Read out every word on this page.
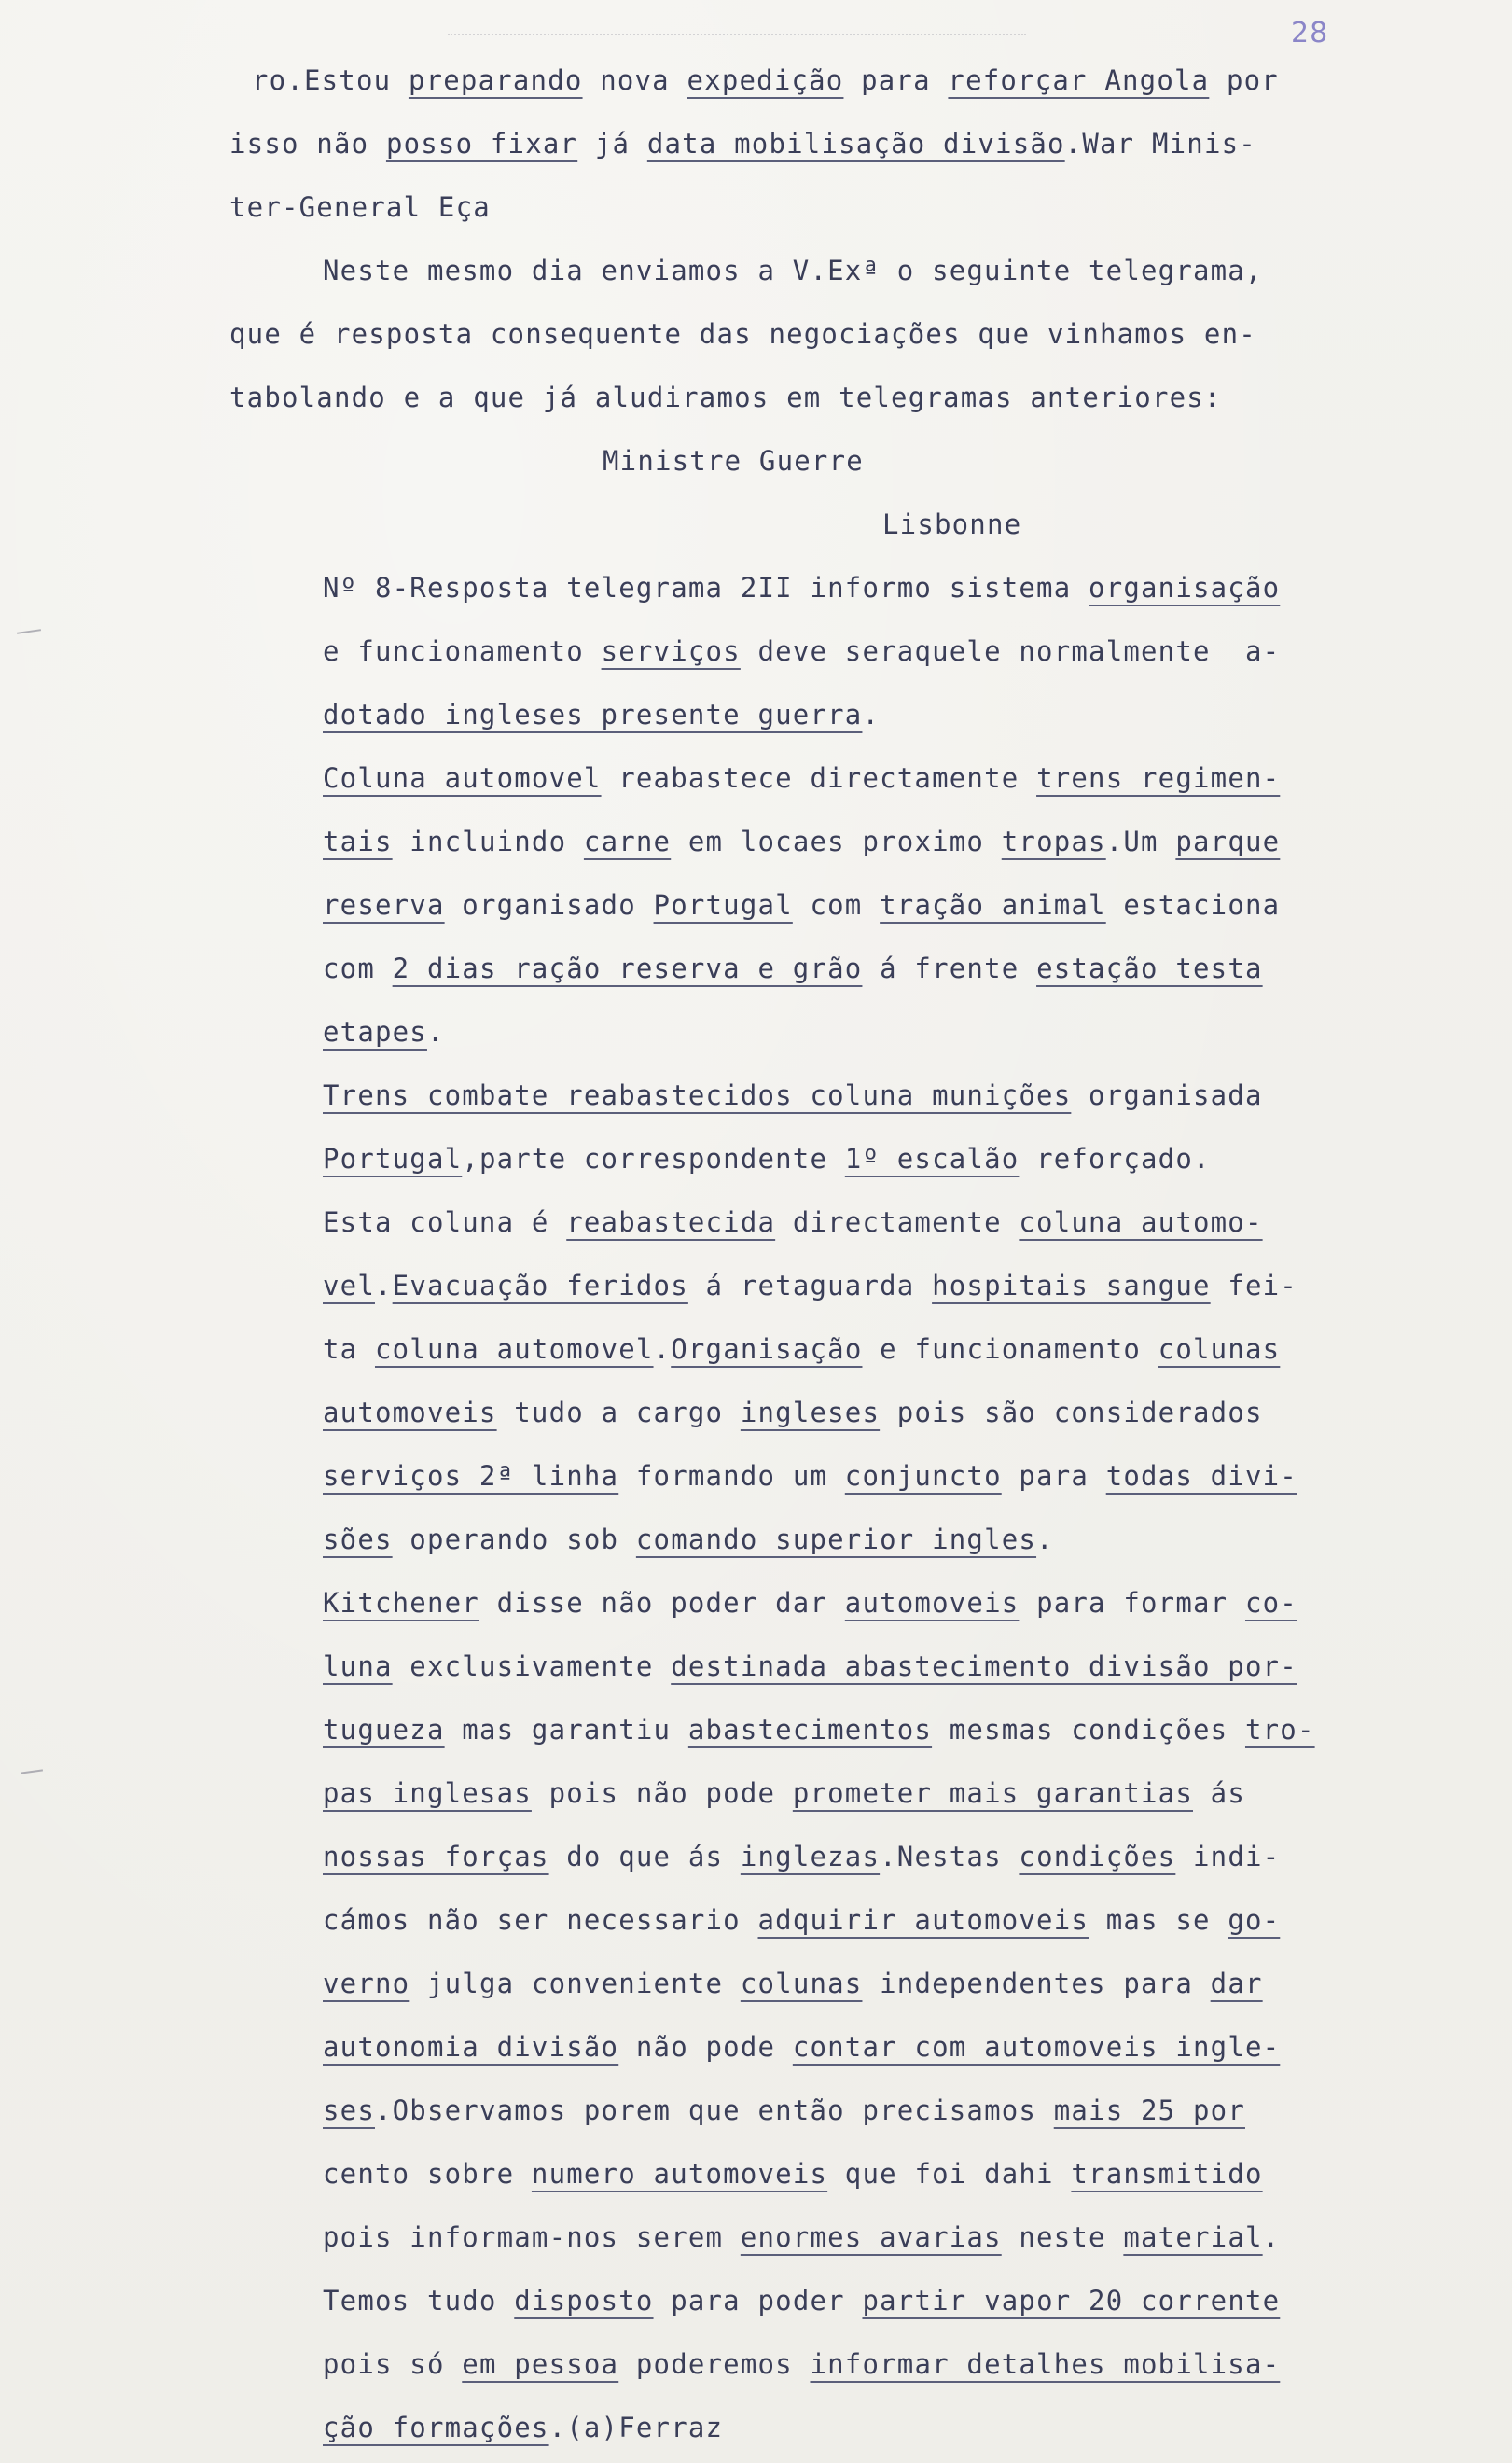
28
ro.Estou preparando nova expedição para reforçar Angola por
isso não posso fixar já data mobilisação divisão.War Minis-
ter-General Eça
Neste mesmo dia enviamos a V.Exª o seguinte telegrama,
que é resposta consequente das negociações que vinhamos en-
tabolando e a que já aludiramos em telegramas anteriores:
Ministre Guerre
Lisbonne
Nº 8-Resposta telegrama 2II informo sistema organisação
e funcionamento serviços deve seraquele normalmente  a-
dotado ingleses presente guerra.
Coluna automovel reabastece directamente trens regimen-
tais incluindo carne em locaes proximo tropas.Um parque
reserva organisado Portugal com tração animal estaciona
com 2 dias ração reserva e grão á frente estação testa
etapes.
Trens combate reabastecidos coluna munições organisada
Portugal,parte correspondente 1º escalão reforçado.
Esta coluna é reabastecida directamente coluna automo-
vel.Evacuação feridos á retaguarda hospitais sangue fei-
ta coluna automovel.Organisação e funcionamento colunas
automoveis tudo a cargo ingleses pois são considerados
serviços 2ª linha formando um conjuncto para todas divi-
sões operando sob comando superior ingles.
Kitchener disse não poder dar automoveis para formar co-
luna exclusivamente destinada abastecimento divisão por-
tugueza mas garantiu abastecimentos mesmas condições tro-
pas inglesas pois não pode prometer mais garantias ás
nossas forças do que ás inglezas.Nestas condições indi-
cámos não ser necessario adquirir automoveis mas se go-
verno julga conveniente colunas independentes para dar
autonomia divisão não pode contar com automoveis ingle-
ses.Observamos porem que então precisamos mais 25 por
cento sobre numero automoveis que foi dahi transmitido
pois informam-nos serem enormes avarias neste material.
Temos tudo disposto para poder partir vapor 20 corrente
pois só em pessoa poderemos informar detalhes mobilisa-
ção formações.(a)Ferraz
